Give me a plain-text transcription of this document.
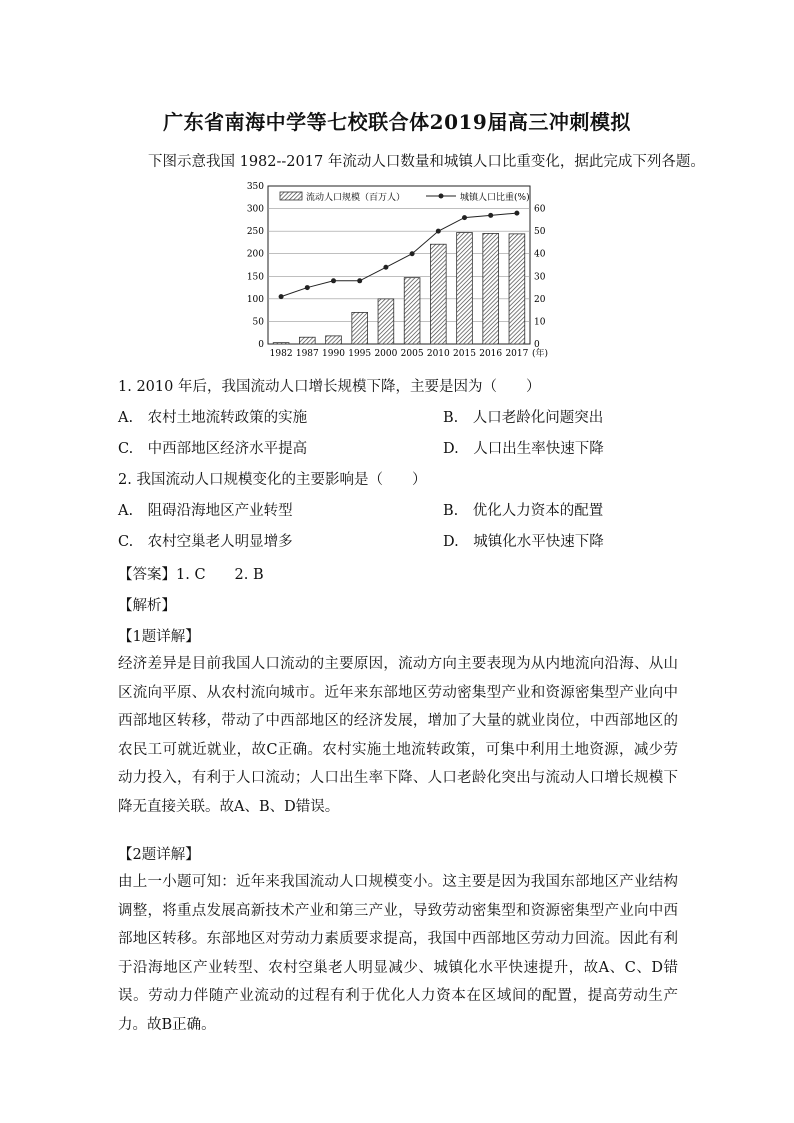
广东省南海中学等七校联合体2019届高三冲刺模拟
下图示意我国 1982--2017 年流动人口数量和城镇人口比重变化，据此完成下列各题。
0
50
100
150
200
250
300
350
0
10
20
30
40
50
60
1982 1987 1990 1995 2000 2005 2010 2015 2016 2017
流动人口规模（百万人）	城镇人口比重(%)
(年)
1. 2010 年后，我国流动人口增长规模下降，主要是因为（　　）
A.　农村土地流转政策的实施	B.　人口老龄化问题突出
C.　中西部地区经济水平提高	D.　人口出生率快速下降
2. 我国流动人口规模变化的主要影响是（　　）
A.　阻碍沿海地区产业转型	B.　优化人力资本的配置
C.　农村空巢老人明显增多	D.　城镇化水平快速下降
【答案】1. C　　2. B
【解析】
【1题详解】
经济差异是目前我国人口流动的主要原因，流动方向主要表现为从内地流向沿海、从山区流向平原、从农村流向城市。近年来东部地区劳动密集型产业和资源密集型产业向中西部地区转移，带动了中西部地区的经济发展，增加了大量的就业岗位，中西部地区的农民工可就近就业，故C正确。农村实施土地流转政策，可集中利用土地资源，减少劳动力投入，有利于人口流动；人口出生率下降、人口老龄化突出与流动人口增长规模下降无直接关联。故A、B、D错误。
【2题详解】
由上一小题可知：近年来我国流动人口规模变小。这主要是因为我国东部地区产业结构调整，将重点发展高新技术产业和第三产业，导致劳动密集型和资源密集型产业向中西部地区转移。东部地区对劳动力素质要求提高，我国中西部地区劳动力回流。因此有利于沿海地区产业转型、农村空巢老人明显减少、城镇化水平快速提升，故A、C、D错误。劳动力伴随产业流动的过程有利于优化人力资本在区域间的配置，提高劳动生产力。故B正确。
